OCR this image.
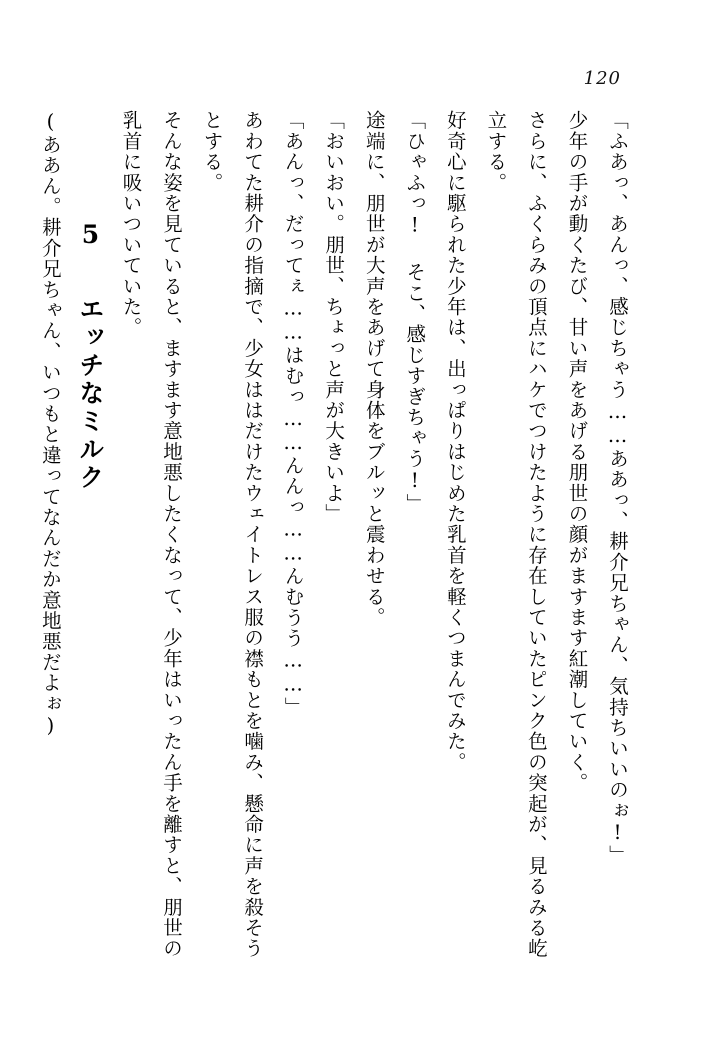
120

「ふあっ、あんっ、感じちゃう……ああっ、耕介兄ちゃん、気持ちいいのぉ!」

少年の手が動くたび、甘い声をあげる朋世の顔がますます紅潮していく。

さらに、ふくらみの頂点にハケでつけたように存在していたピンク色の突起が、見るみる屹立する。

好奇心に駆られた少年は、出っぱりはじめた乳首を軽くつまんでみた。

「ひゃふっ! そこ、感じすぎちゃう!」

途端に、朋世が大声をあげて身体をブルッと震わせる。

「おいおい。朋世、ちょっと声が大きいよ」

「あんっ、だってぇ……はむっ……んんっ……んむうう……」

あわてた耕介の指摘で、少女ははだけたウェイトレス服の襟もとを噛み、懸命に声を殺そうとする。

そんな姿を見ていると、ますます意地悪したくなって、少年はいったん手を離すと、朋世の乳首に吸いついていた。

5 エッチなミルク

(ああん。耕介兄ちゃん、いつもと違ってなんだか意地悪だよぉ)
